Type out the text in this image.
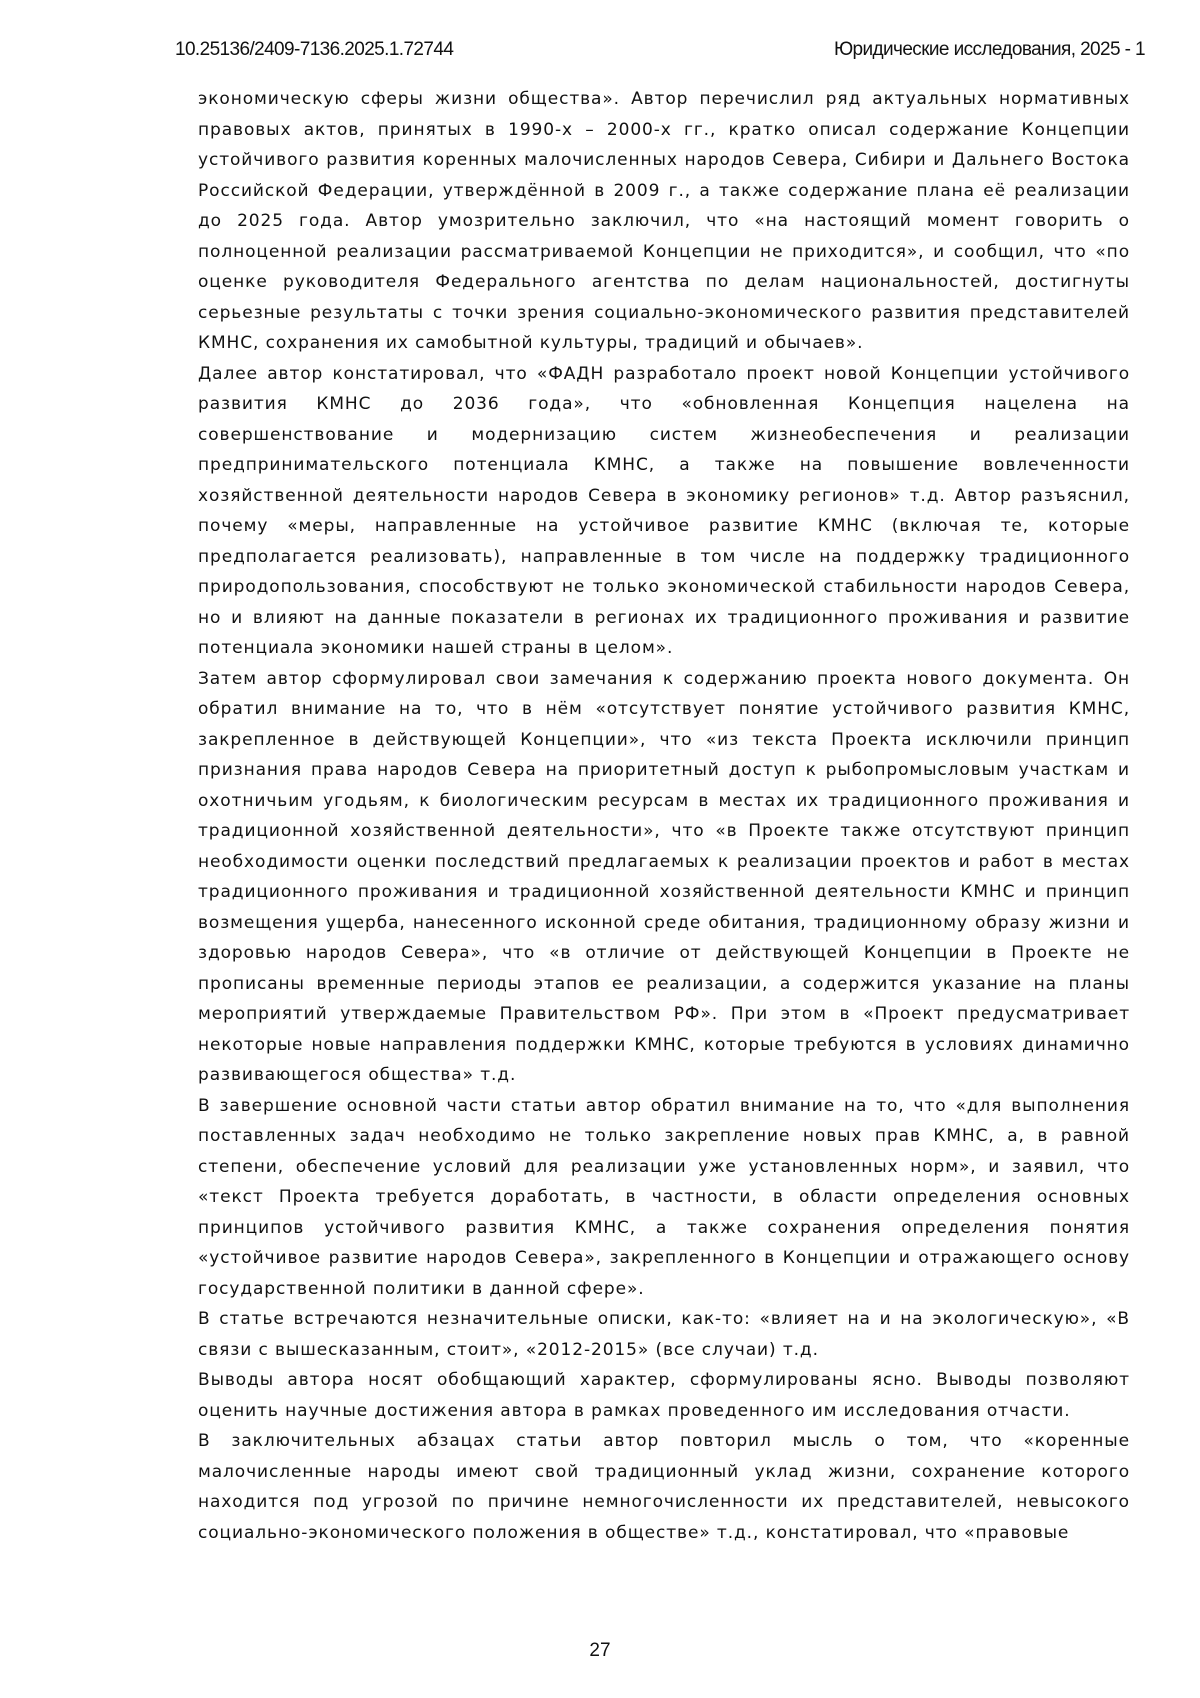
10.25136/2409-7136.2025.1.72744	Юридические исследования, 2025 - 1

экономическую сферы жизни общества». Автор перечислил ряд актуальных нормативных правовых актов, принятых в 1990-х – 2000-х гг., кратко описал содержание Концепции устойчивого развития коренных малочисленных народов Севера, Сибири и Дальнего Востока Российской Федерации, утверждённой в 2009 г., а также содержание плана её реализации до 2025 года. Автор умозрительно заключил, что «на настоящий момент говорить о полноценной реализации рассматриваемой Концепции не приходится», и сообщил, что «по оценке руководителя Федерального агентства по делам национальностей, достигнуты серьезные результаты с точки зрения социально-экономического развития представителей КМНС, сохранения их самобытной культуры, традиций и обычаев».

Далее автор констатировал, что «ФАДН разработало проект новой Концепции устойчивого развития КМНС до 2036 года», что «обновленная Концепция нацелена на совершенствование и модернизацию систем жизнеобеспечения и реализации предпринимательского потенциала КМНС, а также на повышение вовлеченности хозяйственной деятельности народов Севера в экономику регионов» т.д. Автор разъяснил, почему «меры, направленные на устойчивое развитие КМНС (включая те, которые предполагается реализовать), направленные в том числе на поддержку традиционного природопользования, способствуют не только экономической стабильности народов Севера, но и влияют на данные показатели в регионах их традиционного проживания и развитие потенциала экономики нашей страны в целом».

Затем автор сформулировал свои замечания к содержанию проекта нового документа. Он обратил внимание на то, что в нём «отсутствует понятие устойчивого развития КМНС, закрепленное в действующей Концепции», что «из текста Проекта исключили принцип признания права народов Севера на приоритетный доступ к рыбопромысловым участкам и охотничьим угодьям, к биологическим ресурсам в местах их традиционного проживания и традиционной хозяйственной деятельности», что «в Проекте также отсутствуют принцип необходимости оценки последствий предлагаемых к реализации проектов и работ в местах традиционного проживания и традиционной хозяйственной деятельности КМНС и принцип возмещения ущерба, нанесенного исконной среде обитания, традиционному образу жизни и здоровью народов Севера», что «в отличие от действующей Концепции в Проекте не прописаны временные периоды этапов ее реализации, а содержится указание на планы мероприятий утверждаемые Правительством РФ». При этом в «Проект предусматривает некоторые новые направления поддержки КМНС, которые требуются в условиях динамично развивающегося общества» т.д.

В завершение основной части статьи автор обратил внимание на то, что «для выполнения поставленных задач необходимо не только закрепление новых прав КМНС, а, в равной степени, обеспечение условий для реализации уже установленных норм», и заявил, что «текст Проекта требуется доработать, в частности, в области определения основных принципов устойчивого развития КМНС, а также сохранения определения понятия «устойчивое развитие народов Севера», закрепленного в Концепции и отражающего основу государственной политики в данной сфере».

В статье встречаются незначительные описки, как-то: «влияет на и на экологическую», «В связи с вышесказанным, стоит», «2012-2015» (все случаи) т.д.

Выводы автора носят обобщающий характер, сформулированы ясно. Выводы позволяют оценить научные достижения автора в рамках проведенного им исследования отчасти.

В заключительных абзацах статьи автор повторил мысль о том, что «коренные малочисленные народы имеют свой традиционный уклад жизни, сохранение которого находится под угрозой по причине немногочисленности их представителей, невысокого социально-экономического положения в обществе» т.д., констатировал, что «правовые

27
